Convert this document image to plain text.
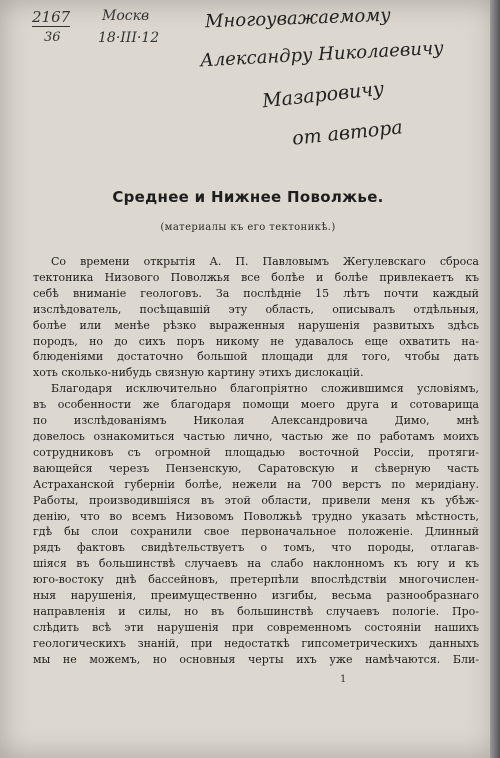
2167
36
Москв
18·III·12
Многоуважаемому
Александру Николаевичу
Мазаровичу
от автора
Среднее и Нижнее Поволжье.
(материалы къ его тектоникѣ.)
Со времени открытія А. П. Павловымъ Жегулевскаго сброса
тектоника Низового Поволжья все болѣе и болѣе привлекаетъ къ
себѣ вниманіе геологовъ. За послѣдніе 15 лѣтъ почти каждый
изслѣдователь, посѣщавшій эту область, описывалъ отдѣльныя,
болѣе или менѣе рѣзко выраженныя нарушенія развитыхъ здѣсь
породъ, но до сихъ поръ никому не удавалось еще охватить на-
блюденіями достаточно большой площади для того, чтобы дать
хоть сколько-нибудь связную картину этихъ дислокацій.
Благодаря исключительно благопріятно сложившимся условіямъ,
въ особенности же благодаря помощи моего друга и сотоварища
по изслѣдованіямъ Николая Александровича Димо, мнѣ
довелось ознакомиться частью лично, частью же по работамъ моихъ
сотрудниковъ съ огромной площадью восточной Россіи, протяги-
вающейся черезъ Пензенскую, Саратовскую и сѣверную часть
Астраханской губерніи болѣе, нежели на 700 верстъ по меридіану.
Работы, производившіяся въ этой области, привели меня къ убѣж-
денію, что во всемъ Низовомъ Поволжьѣ трудно указать мѣстность,
гдѣ бы слои сохранили свое первоначальное положеніе. Длинный
рядъ фактовъ свидѣтельствуетъ о томъ, что породы, отлагав-
шіяся въ большинствѣ случаевъ на слабо наклонномъ къ югу и къ
юго-востоку днѣ бассейновъ, претерпѣли впослѣдствіи многочислен-
ныя нарушенія, преимущественно изгибы, весьма разнообразнаго
направленія и силы, но въ большинствѣ случаевъ пологіе. Про-
слѣдить всѣ эти нарушенія при современномъ состояніи нашихъ
геологическихъ знаній, при недостаткѣ гипсометрическихъ данныхъ
мы не можемъ, но основныя черты ихъ уже намѣчаются. Бли-
1
